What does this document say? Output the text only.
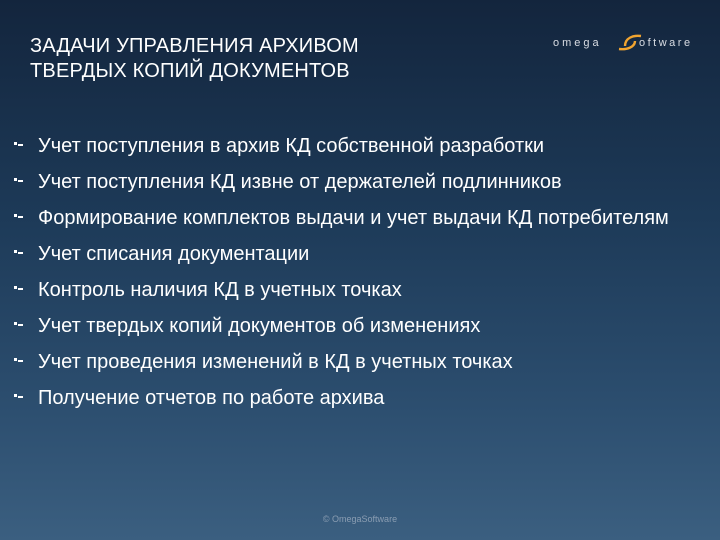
ЗАДАЧИ УПРАВЛЕНИЯ АРХИВОМ
ТВЕРДЫХ КОПИЙ ДОКУМЕНТОВ
omega	oftware
Учет поступления в архив КД собственной разработки
Учет поступления КД извне от держателей подлинников
Формирование комплектов выдачи и учет выдачи КД потребителям
Учет списания документации
Контроль наличия КД в учетных точках
Учет твердых копий документов об изменениях
Учет проведения изменений в КД в учетных точках
Получение отчетов по работе архива
© OmegaSoftware
